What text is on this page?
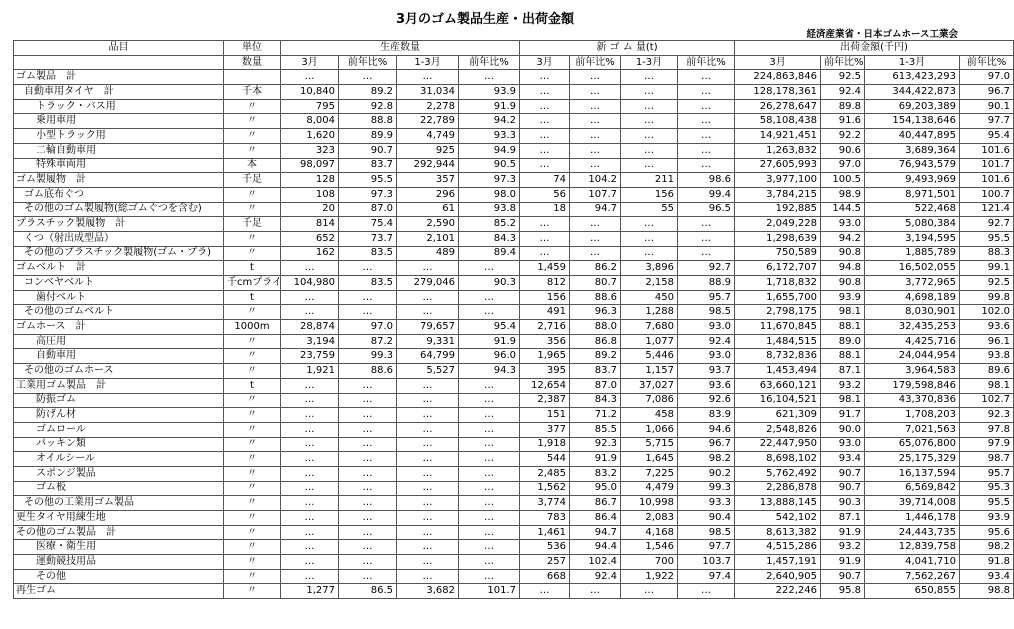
3月のゴム製品生産・出荷金額
経済産業省・日本ゴムホース工業会
品目	単位	生産数量				新 ゴ ム 量(t)				出荷金額(千円)			
	数量	3月	前年比%	1-3月	前年比%	3月	前年比%	1-3月	前年比%	3月	前年比%	1-3月	前年比%
ゴム製品　計		…	…	…	…	…	…	…	…	224,863,846	92.5	613,423,293	97.0
自動車用タイヤ　計	千本	10,840	89.2	31,034	93.9	…	…	…	…	128,178,361	92.4	344,422,873	96.7
トラック・バス用	〃	795	92.8	2,278	91.9	…	…	…	…	26,278,647	89.8	69,203,389	90.1
乗用車用	〃	8,004	88.8	22,789	94.2	…	…	…	…	58,108,438	91.6	154,138,646	97.7
小型トラック用	〃	1,620	89.9	4,749	93.3	…	…	…	…	14,921,451	92.2	40,447,895	95.4
二輪自動車用	〃	323	90.7	925	94.9	…	…	…	…	1,263,832	90.6	3,689,364	101.6
特殊車両用	本	98,097	83.7	292,944	90.5	…	…	…	…	27,605,993	97.0	76,943,579	101.7
ゴム製履物　計	千足	128	95.5	357	97.3	74	104.2	211	98.6	3,977,100	100.5	9,493,969	101.6
ゴム底布ぐつ	〃	108	97.3	296	98.0	56	107.7	156	99.4	3,784,215	98.9	8,971,501	100.7
その他のゴム製履物(総ゴムぐつを含む)	〃	20	87.0	61	93.8	18	94.7	55	96.5	192,885	144.5	522,468	121.4
プラスチック製履物　計	千足	814	75.4	2,590	85.2	…	…	…	…	2,049,228	93.0	5,080,384	92.7
くつ（射出成型品）	〃	652	73.7	2,101	84.3	…	…	…	…	1,298,639	94.2	3,194,595	95.5
その他のプラスチック製履物(ゴム・プラ)	〃	162	83.5	489	89.4	…	…	…	…	750,589	90.8	1,885,789	88.3
ゴムベルト　計	t	…	…	…	…	1,459	86.2	3,896	92.7	6,172,707	94.8	16,502,055	99.1
コンベヤベルト	千cmプライ	104,980	83.5	279,046	90.3	812	80.7	2,158	88.9	1,718,832	90.8	3,772,965	92.5
歯付ベルト	t	…	…	…	…	156	88.6	450	95.7	1,655,700	93.9	4,698,189	99.8
その他のゴムベルト	〃	…	…	…	…	491	96.3	1,288	98.5	2,798,175	98.1	8,030,901	102.0
ゴムホース　計	1000m	28,874	97.0	79,657	95.4	2,716	88.0	7,680	93.0	11,670,845	88.1	32,435,253	93.6
高圧用	〃	3,194	87.2	9,331	91.9	356	86.8	1,077	92.4	1,484,515	89.0	4,425,716	96.1
自動車用	〃	23,759	99.3	64,799	96.0	1,965	89.2	5,446	93.0	8,732,836	88.1	24,044,954	93.8
その他のゴムホース	〃	1,921	88.6	5,527	94.3	395	83.7	1,157	93.7	1,453,494	87.1	3,964,583	89.6
工業用ゴム製品　計	t	…	…	…	…	12,654	87.0	37,027	93.6	63,660,121	93.2	179,598,846	98.1
防振ゴム	〃	…	…	…	…	2,387	84.3	7,086	92.6	16,104,521	98.1	43,370,836	102.7
防げん材	〃	…	…	…	…	151	71.2	458	83.9	621,309	91.7	1,708,203	92.3
ゴムロール	〃	…	…	…	…	377	85.5	1,066	94.6	2,548,826	90.0	7,021,563	97.8
パッキン類	〃	…	…	…	…	1,918	92.3	5,715	96.7	22,447,950	93.0	65,076,800	97.9
オイルシール	〃	…	…	…	…	544	91.9	1,645	98.2	8,698,102	93.4	25,175,329	98.7
スポンジ製品	〃	…	…	…	…	2,485	83.2	7,225	90.2	5,762,492	90.7	16,137,594	95.7
ゴム板	〃	…	…	…	…	1,562	95.0	4,479	99.3	2,286,878	90.7	6,569,842	95.3
その他の工業用ゴム製品	〃	…	…	…	…	3,774	86.7	10,998	93.3	13,888,145	90.3	39,714,008	95.5
更生タイヤ用練生地	〃	…	…	…	…	783	86.4	2,083	90.4	542,102	87.1	1,446,178	93.9
その他のゴム製品　計	〃	…	…	…	…	1,461	94.7	4,168	98.5	8,613,382	91.9	24,443,735	95.6
医療・衛生用	〃	…	…	…	…	536	94.4	1,546	97.7	4,515,286	93.2	12,839,758	98.2
運動競技用品	〃	…	…	…	…	257	102.4	700	103.7	1,457,191	91.9	4,041,710	91.8
その他	〃	…	…	…	…	668	92.4	1,922	97.4	2,640,905	90.7	7,562,267	93.4
再生ゴム	〃	1,277	86.5	3,682	101.7	…	…	…	…	222,246	95.8	650,855	98.8
